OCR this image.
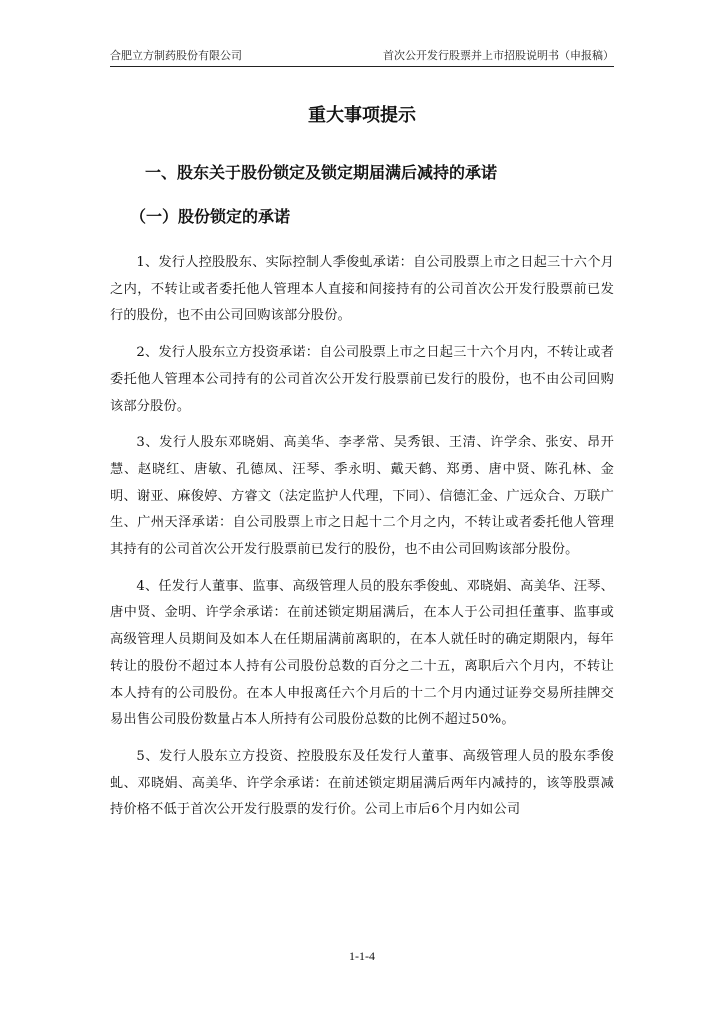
合肥立方制药股份有限公司	首次公开发行股票并上市招股说明书（申报稿）
重大事项提示
一、股东关于股份锁定及锁定期届满后减持的承诺
（一）股份锁定的承诺

1、发行人控股股东、实际控制人季俊虬承诺：自公司股票上市之日起三十六个月之内，不转让或者委托他人管理本人直接和间接持有的公司首次公开发行股票前已发行的股份，也不由公司回购该部分股份。

2、发行人股东立方投资承诺：自公司股票上市之日起三十六个月内，不转让或者委托他人管理本公司持有的公司首次公开发行股票前已发行的股份，也不由公司回购该部分股份。

3、发行人股东邓晓娟、高美华、李孝常、吴秀银、王清、许学余、张安、昂开慧、赵晓红、唐敏、孔德凤、汪琴、季永明、戴天鹤、郑勇、唐中贤、陈孔林、金明、谢亚、麻俊婷、方睿文（法定监护人代理，下同）、信德汇金、广远众合、万联广生、广州天泽承诺：自公司股票上市之日起十二个月之内，不转让或者委托他人管理其持有的公司首次公开发行股票前已发行的股份，也不由公司回购该部分股份。

4、任发行人董事、监事、高级管理人员的股东季俊虬、邓晓娟、高美华、汪琴、唐中贤、金明、许学余承诺：在前述锁定期届满后，在本人于公司担任董事、监事或高级管理人员期间及如本人在任期届满前离职的，在本人就任时的确定期限内，每年转让的股份不超过本人持有公司股份总数的百分之二十五，离职后六个月内，不转让本人持有的公司股份。在本人申报离任六个月后的十二个月内通过证券交易所挂牌交易出售公司股份数量占本人所持有公司股份总数的比例不超过50%。

5、发行人股东立方投资、控股股东及任发行人董事、高级管理人员的股东季俊虬、邓晓娟、高美华、许学余承诺：在前述锁定期届满后两年内减持的，该等股票减持价格不低于首次公开发行股票的发行价。公司上市后6个月内如公司

1-1-4
